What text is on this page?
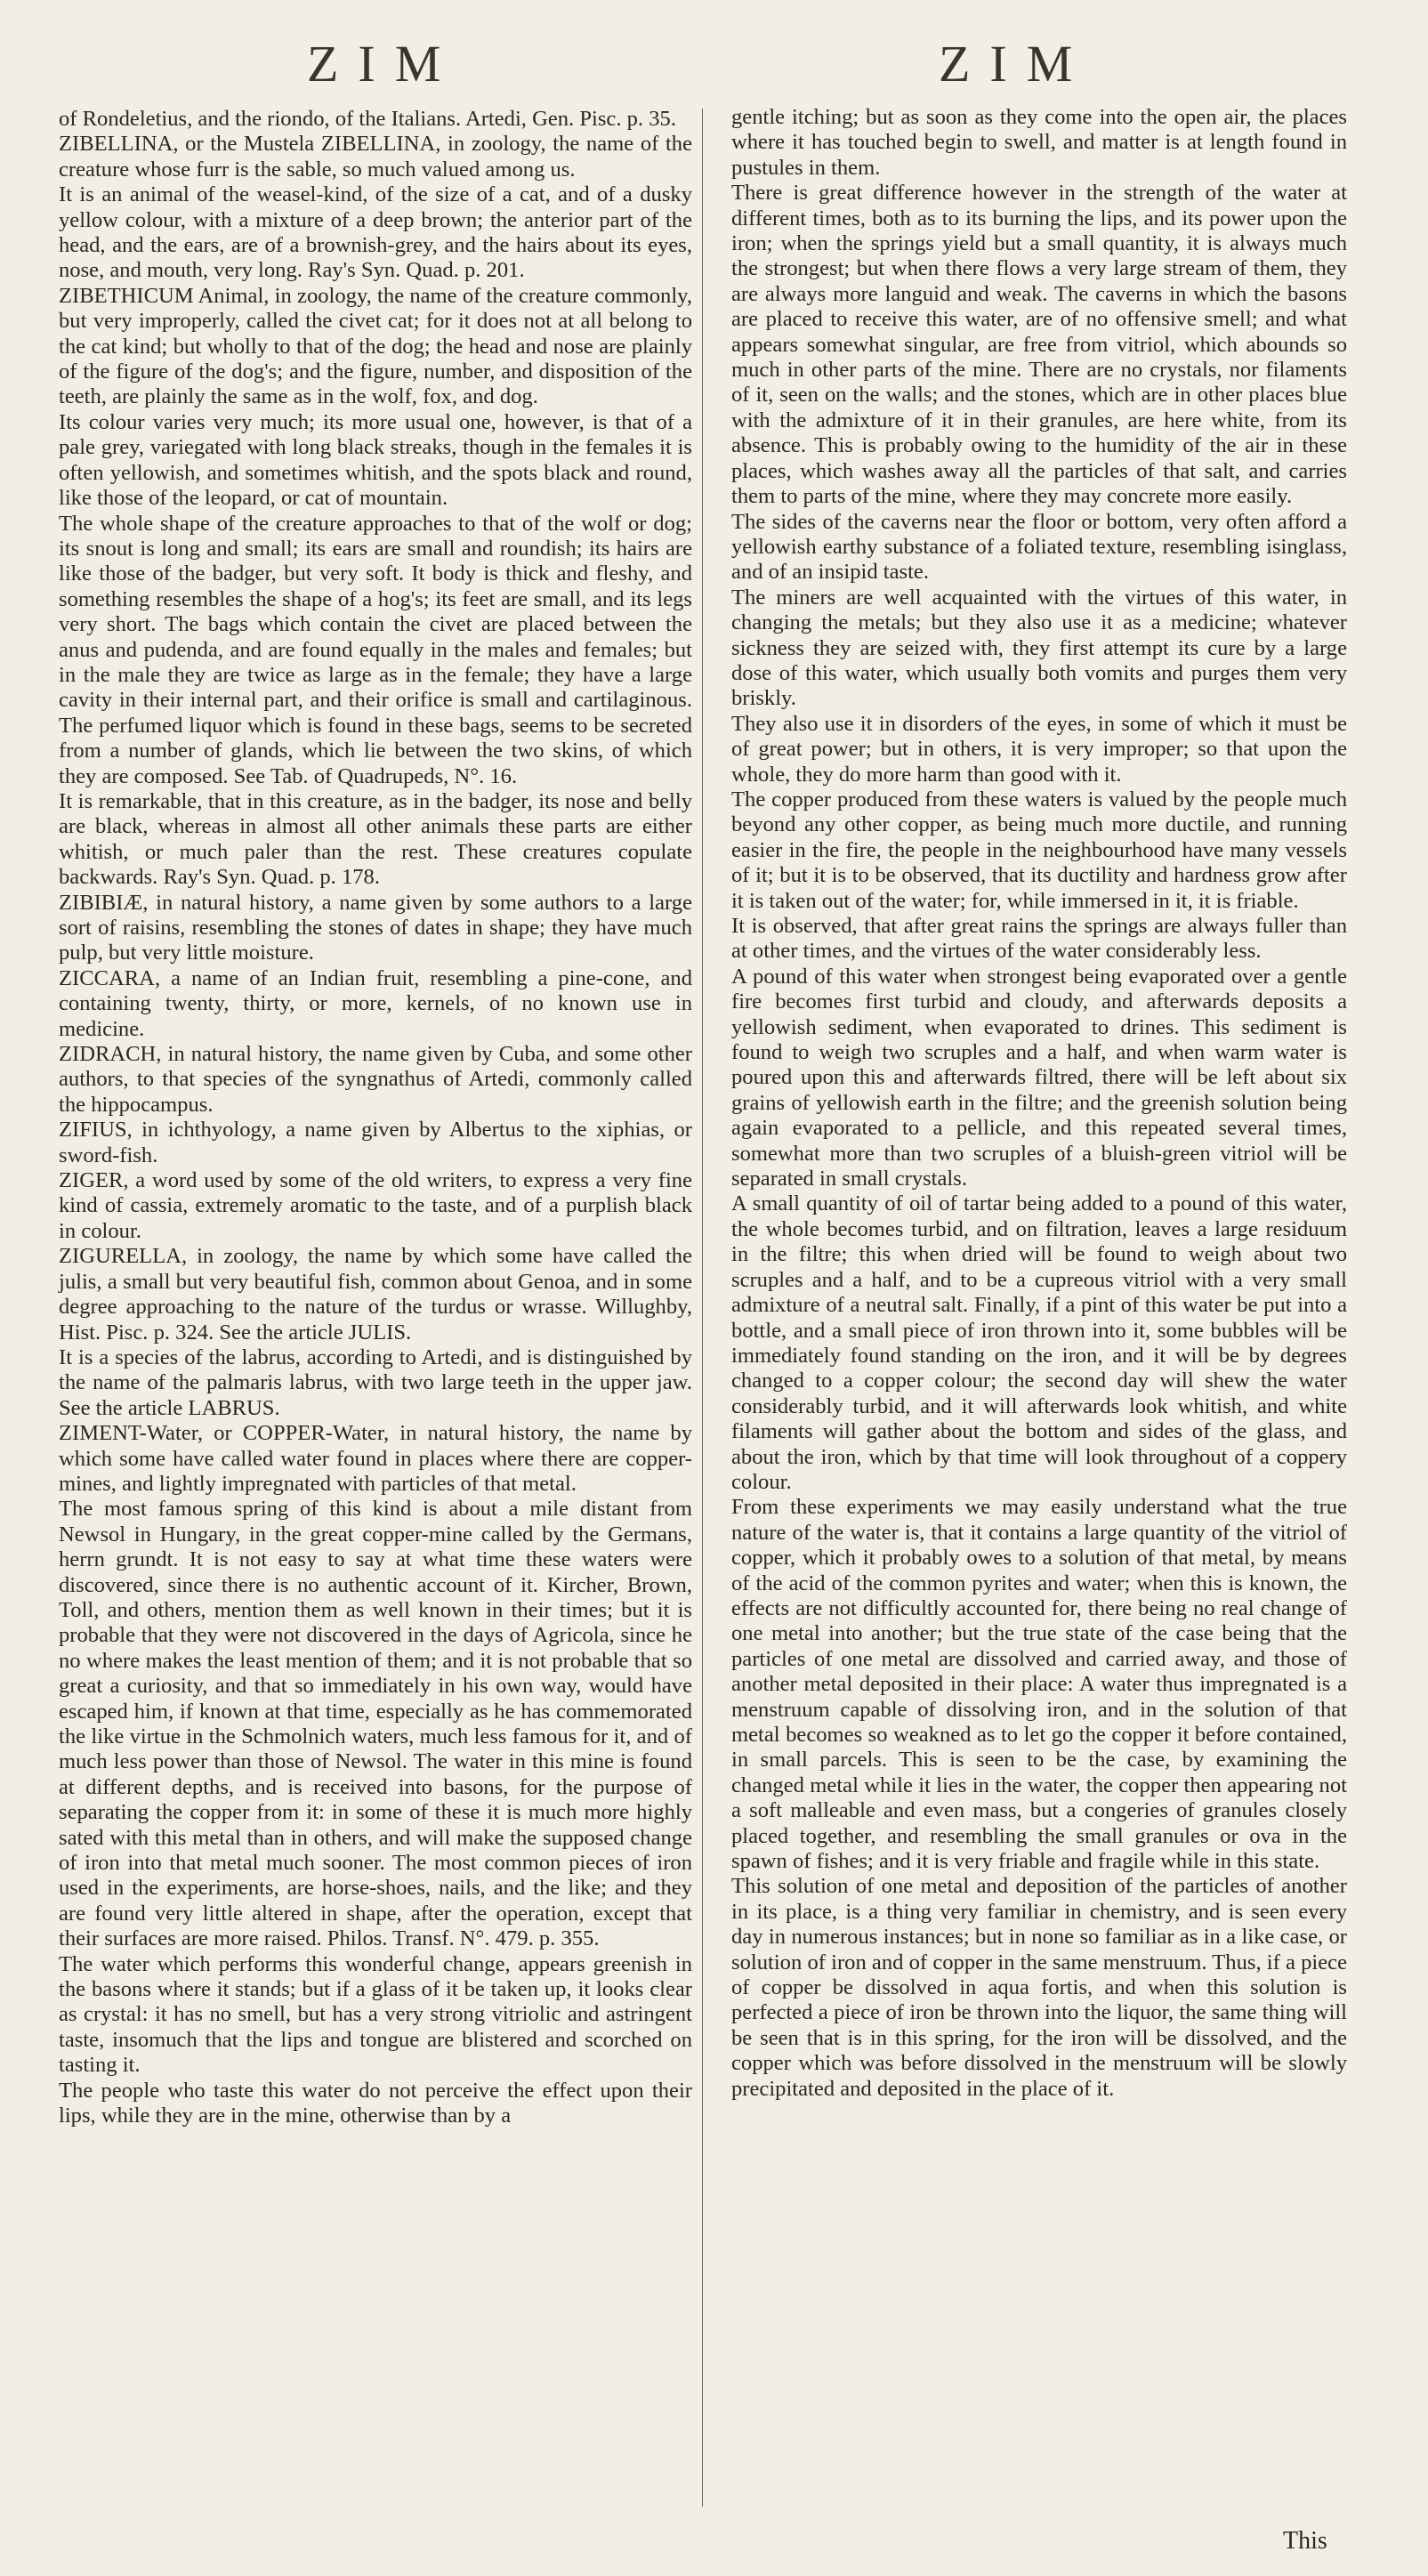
ZIM	ZIM

of Rondeletius, and the riondo, of the Italians. Artedi, Gen. Pisc. p. 35.

ZIBELLINA, or the Mustela ZIBELLINA, in zoology, the name of the creature whose furr is the sable, so much valued among us.

It is an animal of the weasel-kind, of the size of a cat, and of a dusky yellow colour, with a mixture of a deep brown; the anterior part of the head, and the ears, are of a brownish-grey, and the hairs about its eyes, nose, and mouth, very long. Ray's Syn. Quad. p. 201.

ZIBETHICUM Animal, in zoology, the name of the creature commonly, but very improperly, called the civet cat; for it does not at all belong to the cat kind; but wholly to that of the dog; the head and nose are plainly of the figure of the dog's; and the figure, number, and disposition of the teeth, are plainly the same as in the wolf, fox, and dog.

Its colour varies very much; its more usual one, however, is that of a pale grey, variegated with long black streaks, though in the females it is often yellowish, and sometimes whitish, and the spots black and round, like those of the leopard, or cat of mountain.

The whole shape of the creature approaches to that of the wolf or dog; its snout is long and small; its ears are small and roundish; its hairs are like those of the badger, but very soft. It body is thick and fleshy, and something resembles the shape of a hog's; its feet are small, and its legs very short. The bags which contain the civet are placed between the anus and pudenda, and are found equally in the males and females; but in the male they are twice as large as in the female; they have a large cavity in their internal part, and their orifice is small and cartilaginous. The perfumed liquor which is found in these bags, seems to be secreted from a number of glands, which lie between the two skins, of which they are composed. See Tab. of Quadrupeds, N°. 16.

It is remarkable, that in this creature, as in the badger, its nose and belly are black, whereas in almost all other animals these parts are either whitish, or much paler than the rest. These creatures copulate backwards. Ray's Syn. Quad. p. 178.

ZIBIBIÆ, in natural history, a name given by some authors to a large sort of raisins, resembling the stones of dates in shape; they have much pulp, but very little moisture.

ZICCARA, a name of an Indian fruit, resembling a pine-cone, and containing twenty, thirty, or more, kernels, of no known use in medicine.

ZIDRACH, in natural history, the name given by Cuba, and some other authors, to that species of the syngnathus of Artedi, commonly called the hippocampus.

ZIFIUS, in ichthyology, a name given by Albertus to the xiphias, or sword-fish.

ZIGER, a word used by some of the old writers, to express a very fine kind of cassia, extremely aromatic to the taste, and of a purplish black in colour.

ZIGURELLA, in zoology, the name by which some have called the julis, a small but very beautiful fish, common about Genoa, and in some degree approaching to the nature of the turdus or wrasse. Willughby, Hist. Pisc. p. 324. See the article JULIS.

It is a species of the labrus, according to Artedi, and is distinguished by the name of the palmaris labrus, with two large teeth in the upper jaw. See the article LABRUS.

ZIMENT-Water, or COPPER-Water, in natural history, the name by which some have called water found in places where there are copper-mines, and lightly impregnated with particles of that metal.

The most famous spring of this kind is about a mile distant from Newsol in Hungary, in the great copper-mine called by the Germans, herrn grundt. It is not easy to say at what time these waters were discovered, since there is no authentic account of it. Kircher, Brown, Toll, and others, mention them as well known in their times; but it is probable that they were not discovered in the days of Agricola, since he no where makes the least mention of them; and it is not probable that so great a curiosity, and that so immediately in his own way, would have escaped him, if known at that time, especially as he has commemorated the like virtue in the Schmolnich waters, much less famous for it, and of much less power than those of Newsol. The water in this mine is found at different depths, and is received into basons, for the purpose of separating the copper from it: in some of these it is much more highly sated with this metal than in others, and will make the supposed change of iron into that metal much sooner. The most common pieces of iron used in the experiments, are horse-shoes, nails, and the like; and they are found very little altered in shape, after the operation, except that their surfaces are more raised. Philos. Transf. N°. 479. p. 355.

The water which performs this wonderful change, appears greenish in the basons where it stands; but if a glass of it be taken up, it looks clear as crystal: it has no smell, but has a very strong vitriolic and astringent taste, insomuch that the lips and tongue are blistered and scorched on tasting it.

The people who taste this water do not perceive the effect upon their lips, while they are in the mine, otherwise than by a

gentle itching; but as soon as they come into the open air, the places where it has touched begin to swell, and matter is at length found in pustules in them.

There is great difference however in the strength of the water at different times, both as to its burning the lips, and its power upon the iron; when the springs yield but a small quantity, it is always much the strongest; but when there flows a very large stream of them, they are always more languid and weak. The caverns in which the basons are placed to receive this water, are of no offensive smell; and what appears somewhat singular, are free from vitriol, which abounds so much in other parts of the mine. There are no crystals, nor filaments of it, seen on the walls; and the stones, which are in other places blue with the admixture of it in their granules, are here white, from its absence. This is probably owing to the humidity of the air in these places, which washes away all the particles of that salt, and carries them to parts of the mine, where they may concrete more easily.

The sides of the caverns near the floor or bottom, very often afford a yellowish earthy substance of a foliated texture, resembling isinglass, and of an insipid taste.

The miners are well acquainted with the virtues of this water, in changing the metals; but they also use it as a medicine; whatever sickness they are seized with, they first attempt its cure by a large dose of this water, which usually both vomits and purges them very briskly.

They also use it in disorders of the eyes, in some of which it must be of great power; but in others, it is very improper; so that upon the whole, they do more harm than good with it.

The copper produced from these waters is valued by the people much beyond any other copper, as being much more ductile, and running easier in the fire, the people in the neighbourhood have many vessels of it; but it is to be observed, that its ductility and hardness grow after it is taken out of the water; for, while immersed in it, it is friable.

It is observed, that after great rains the springs are always fuller than at other times, and the virtues of the water considerably less.

A pound of this water when strongest being evaporated over a gentle fire becomes first turbid and cloudy, and afterwards deposits a yellowish sediment, when evaporated to drines. This sediment is found to weigh two scruples and a half, and when warm water is poured upon this and afterwards filtred, there will be left about six grains of yellowish earth in the filtre; and the greenish solution being again evaporated to a pellicle, and this repeated several times, somewhat more than two scruples of a bluish-green vitriol will be separated in small crystals.

A small quantity of oil of tartar being added to a pound of this water, the whole becomes turbid, and on filtration, leaves a large residuum in the filtre; this when dried will be found to weigh about two scruples and a half, and to be a cupreous vitriol with a very small admixture of a neutral salt. Finally, if a pint of this water be put into a bottle, and a small piece of iron thrown into it, some bubbles will be immediately found standing on the iron, and it will be by degrees changed to a copper colour; the second day will shew the water considerably turbid, and it will afterwards look whitish, and white filaments will gather about the bottom and sides of the glass, and about the iron, which by that time will look throughout of a coppery colour.

From these experiments we may easily understand what the true nature of the water is, that it contains a large quantity of the vitriol of copper, which it probably owes to a solution of that metal, by means of the acid of the common pyrites and water; when this is known, the effects are not difficultly accounted for, there being no real change of one metal into another; but the true state of the case being that the particles of one metal are dissolved and carried away, and those of another metal deposited in their place: A water thus impregnated is a menstruum capable of dissolving iron, and in the solution of that metal becomes so weakned as to let go the copper it before contained, in small parcels. This is seen to be the case, by examining the changed metal while it lies in the water, the copper then appearing not a soft malleable and even mass, but a congeries of granules closely placed together, and resembling the small granules or ova in the spawn of fishes; and it is very friable and fragile while in this state.

This solution of one metal and deposition of the particles of another in its place, is a thing very familiar in chemistry, and is seen every day in numerous instances; but in none so familiar as in a like case, or solution of iron and of copper in the same menstruum. Thus, if a piece of copper be dissolved in aqua fortis, and when this solution is perfected a piece of iron be thrown into the liquor, the same thing will be seen that is in this spring, for the iron will be dissolved, and the copper which was before dissolved in the menstruum will be slowly precipitated and deposited in the place of it.

This
